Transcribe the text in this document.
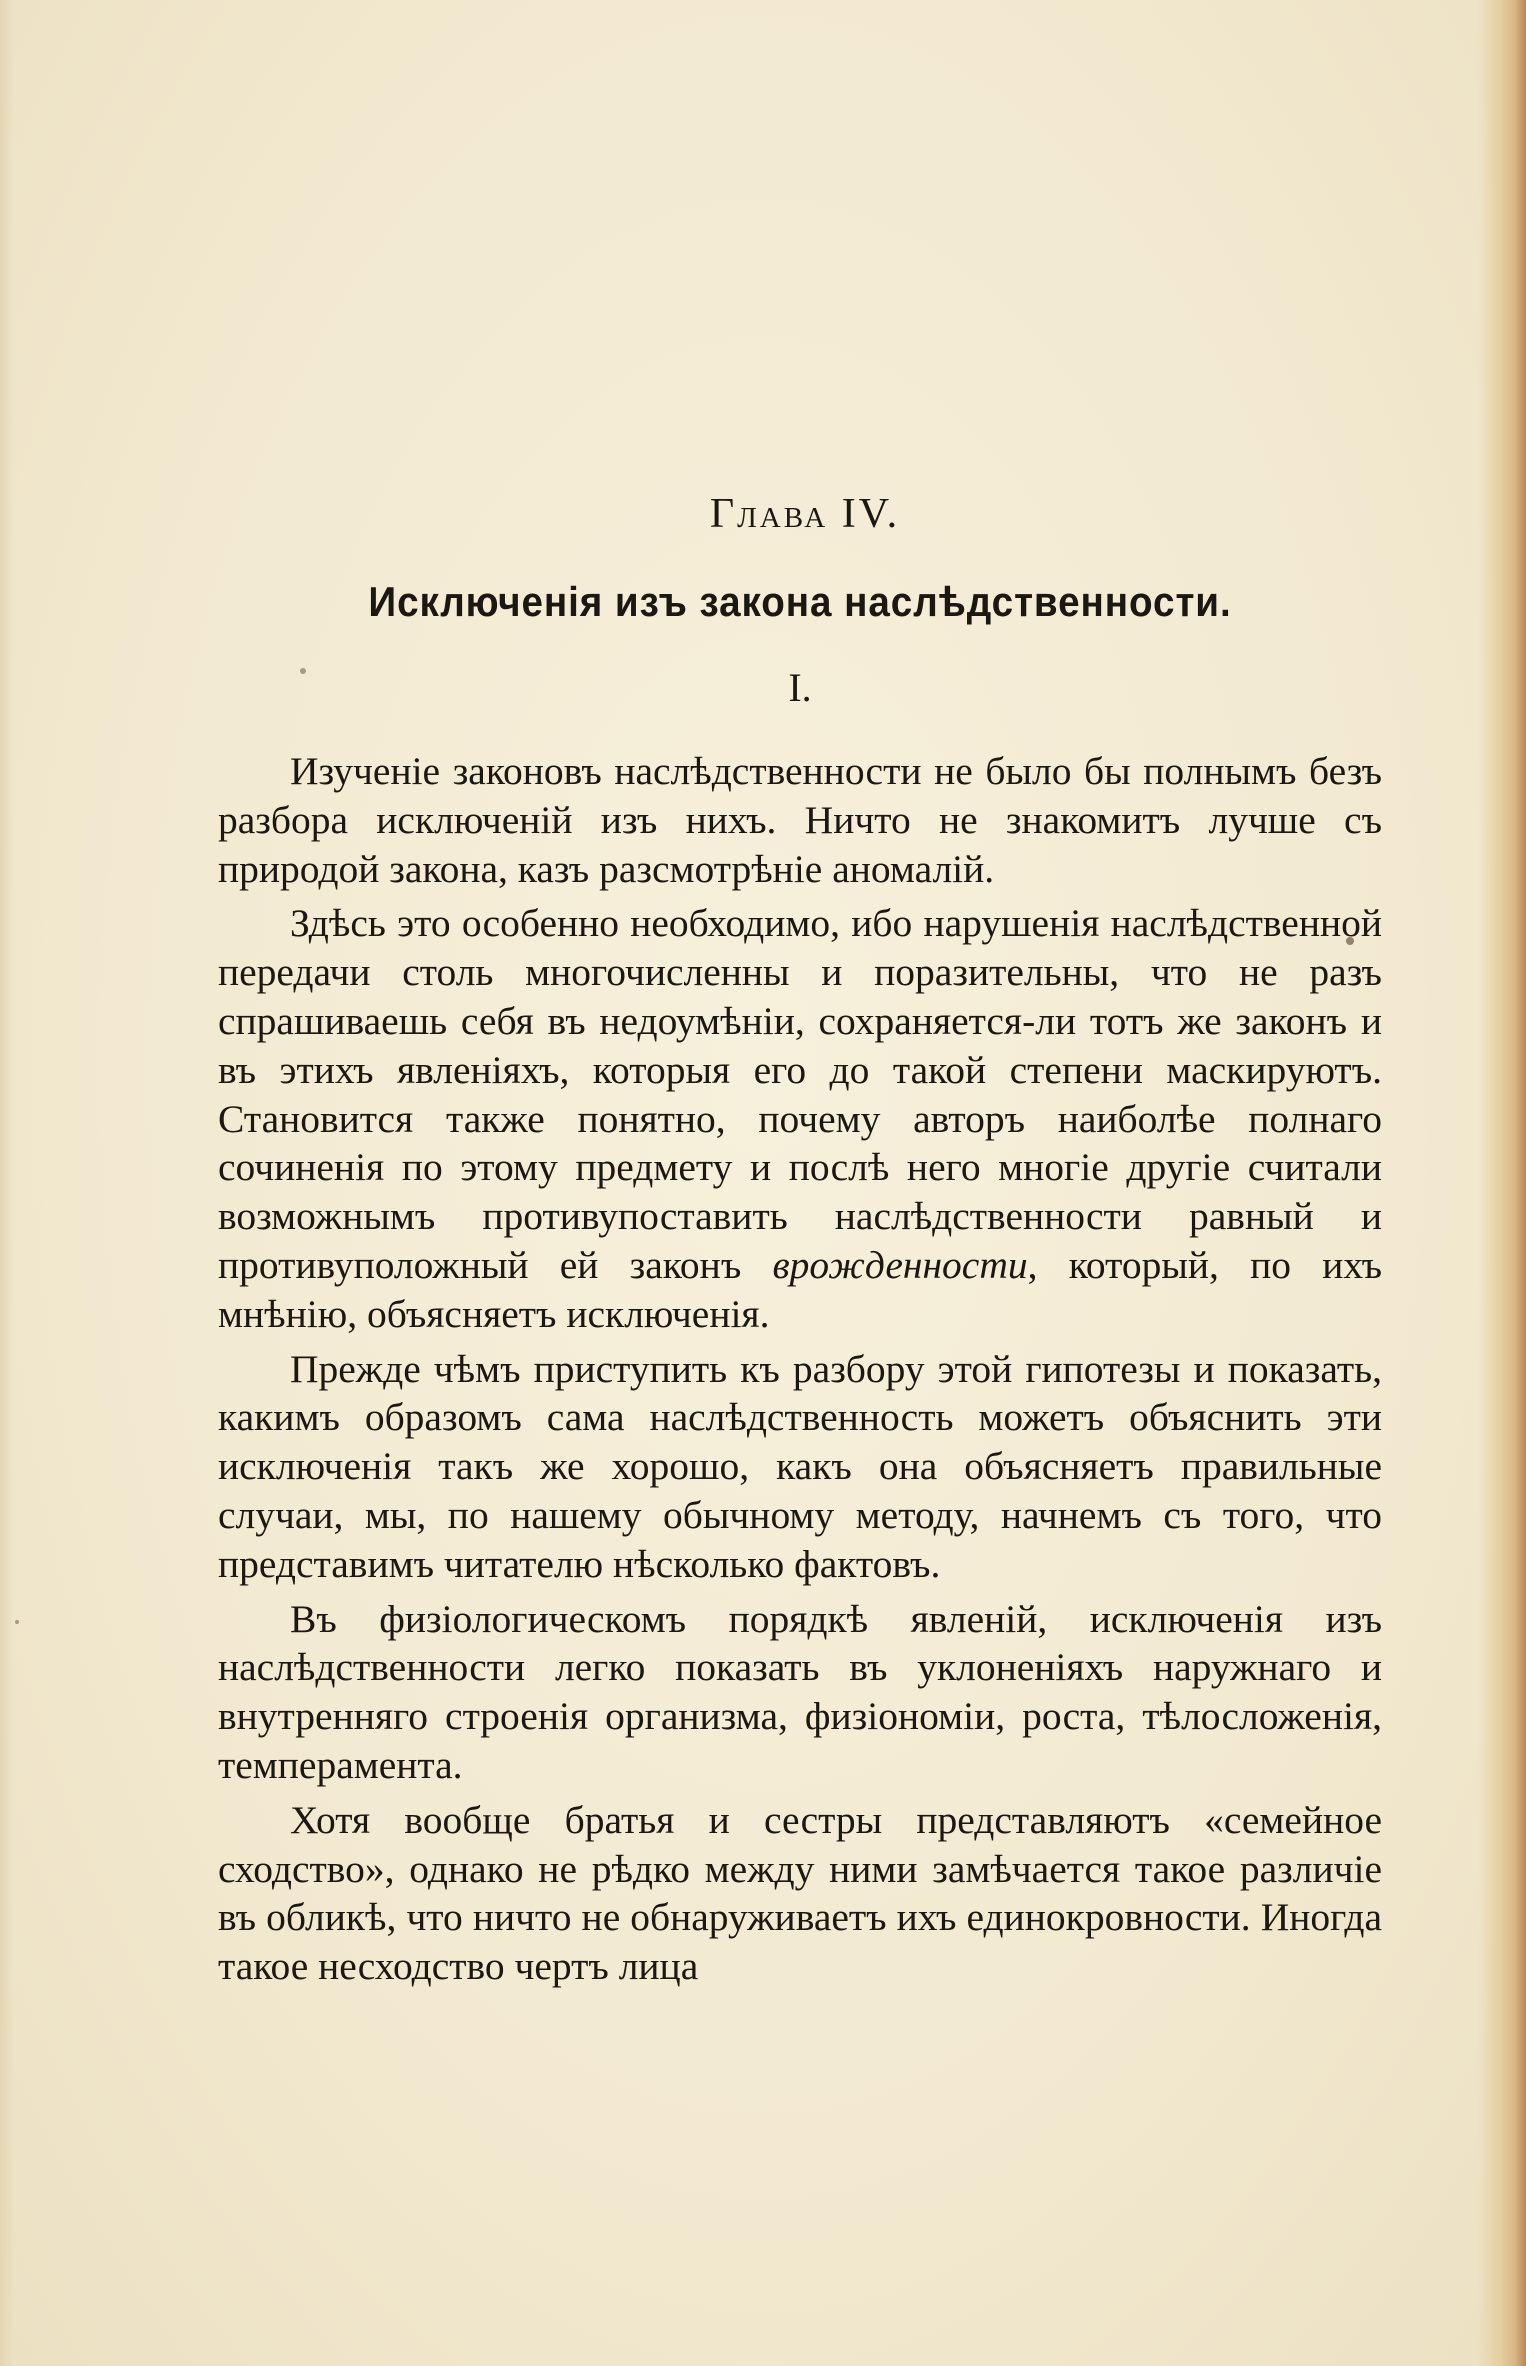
Глава IV.
Исключенія изъ закона наслѣдственности.
I.

Изученіе законовъ наслѣдственности не было бы полнымъ безъ разбора исключеній изъ нихъ. Ничто не знакомитъ лучше съ природой закона, казъ разсмотрѣніе аномалій.

Здѣсь это особенно необходимо, ибо нарушенія наслѣдственной передачи столь многочисленны и поразительны, что не разъ спрашиваешь себя въ недоумѣніи, сохраняется-ли тотъ же законъ и въ этихъ явленіяхъ, которыя его до такой степени маскируютъ. Становится также понятно, почему авторъ наиболѣе полнаго сочиненія по этому предмету и послѣ него многіе другіе считали возможнымъ противупоставить наслѣдственности равный и противуположный ей законъ врожденности, который, по ихъ мнѣнію, объясняетъ исключенія.

Прежде чѣмъ приступить къ разбору этой гипотезы и показать, какимъ образомъ сама наслѣдственность можетъ объяснить эти исключенія такъ же хорошо, какъ она объясняетъ правильные случаи, мы, по нашему обычному методу, начнемъ съ того, что представимъ читателю нѣсколько фактовъ.

Въ физіологическомъ порядкѣ явленій, исключенія изъ наслѣдственности легко показать въ уклоненіяхъ наружнаго и внутренняго строенія организма, физіономіи, роста, тѣлосложенія, темперамента.

Хотя вообще братья и сестры представляютъ «семейное сходство», однако не рѣдко между ними замѣчается такое различіе въ обликѣ, что ничто не обнаруживаетъ ихъ единокровности. Иногда такое несходство чертъ лица
